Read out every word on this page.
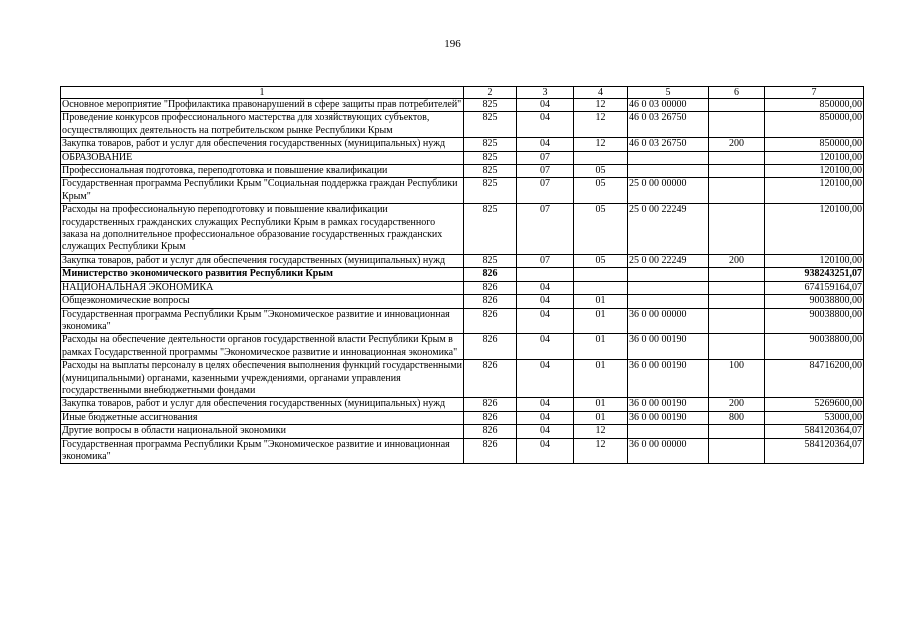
196
1	2	3	4	5	6	7
Основное мероприятие "Профилактика правонарушений в сфере защиты прав потребителей"	825	04	12	46 0 03 00000		850000,00
Проведение конкурсов профессионального мастерства для хозяйствующих субъектов, осуществляющих деятельность на потребительском рынке Республики Крым	825	04	12	46 0 03 26750		850000,00
Закупка товаров, работ и услуг для обеспечения государственных (муниципальных) нужд	825	04	12	46 0 03 26750	200	850000,00
ОБРАЗОВАНИЕ	825	07				120100,00
Профессиональная подготовка, переподготовка и повышение квалификации	825	07	05			120100,00
Государственная программа Республики Крым "Социальная поддержка граждан Республики Крым"	825	07	05	25 0 00 00000		120100,00
Расходы на профессиональную переподготовку и повышение квалификации государственных гражданских служащих Республики Крым в рамках государственного заказа на дополнительное профессиональное образование государственных гражданских служащих Республики Крым	825	07	05	25 0 00 22249		120100,00
Закупка товаров, работ и услуг для обеспечения государственных (муниципальных) нужд	825	07	05	25 0 00 22249	200	120100,00
Министерство экономического развития Республики Крым	826					938243251,07
НАЦИОНАЛЬНАЯ ЭКОНОМИКА	826	04				674159164,07
Общеэкономические вопросы	826	04	01			90038800,00
Государственная программа Республики Крым "Экономическое развитие и инновационная экономика"	826	04	01	36 0 00 00000		90038800,00
Расходы на обеспечение деятельности органов государственной власти Республики Крым в рамках Государственной программы "Экономическое развитие и инновационная экономика"	826	04	01	36 0 00 00190		90038800,00
Расходы на выплаты персоналу в целях обеспечения выполнения функций государственными (муниципальными) органами, казенными учреждениями, органами управления государственными внебюджетными фондами	826	04	01	36 0 00 00190	100	84716200,00
Закупка товаров, работ и услуг для обеспечения государственных (муниципальных) нужд	826	04	01	36 0 00 00190	200	5269600,00
Иные бюджетные ассигнования	826	04	01	36 0 00 00190	800	53000,00
Другие вопросы в области национальной экономики	826	04	12			584120364,07
Государственная программа Республики Крым "Экономическое развитие и инновационная экономика"	826	04	12	36 0 00 00000		584120364,07
